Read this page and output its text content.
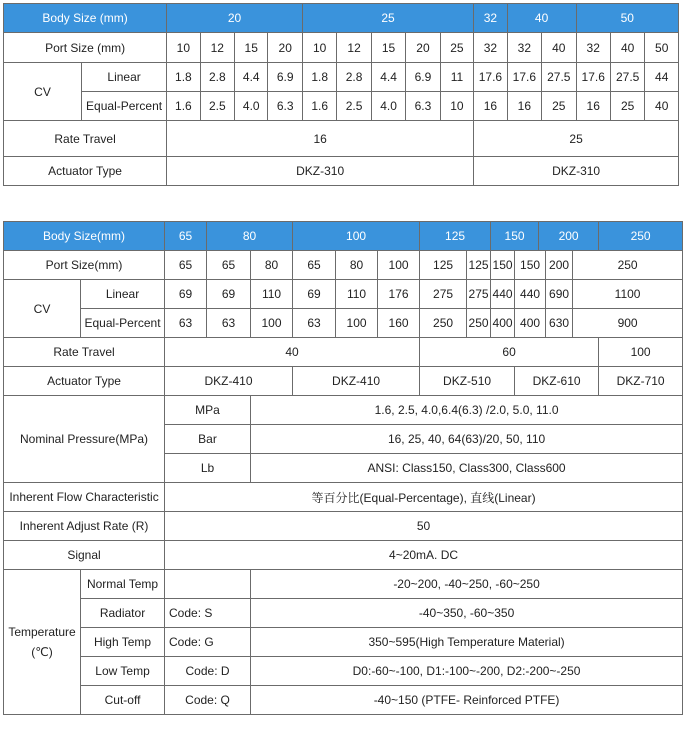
Body Size (mm)		20				25					32	40		50		
Port Size (mm)		10	12	15	20	10	12	15	20	25	32	32	40	32	40	50
CV	Linear	1.8	2.8	4.4	6.9	1.8	2.8	4.4	6.9	11	17.6	17.6	27.5	17.6	27.5	44
	Equal-Percent	1.6	2.5	4.0	6.3	1.6	2.5	4.0	6.3	10	16	16	25	16	25	40
Rate Travel		16									25					
Actuator Type		DKZ-310									DKZ-310					
Body Size(mm)		65	80		100			125		150		200			250
Port Size(mm)		65	65	80	65	80	100	125	125	150	150		200	250	
CV	Linear	69	69	110	69	110	176	275	275	440	440		690	1100	
	Equal-Percent	63	63	100	63	100	160	250	250	400	400		630	900	
Rate Travel		40						60							100
Actuator Type		DKZ-410			DKZ-410			DKZ-510			DKZ-610				DKZ-710
Nominal Pressure(MPa)		MPa		1.6, 2.5, 4.0,6.4(6.3) /2.0, 5.0, 11.0											
		Bar		16, 25, 40, 64(63)/20, 50, 110											
		Lb		ANSI: Class150, Class300, Class600											
Inherent Flow Characteristic		等百分比(Equal-Percentage), 直线(Linear)													
Inherent Adjust Rate (R)		50													
Signal		4~20mA. DC													
Temperature
(℃)	Normal Temp			-20~200, -40~250, -60~250											
	Radiator	Code: S		-40~350, -60~350											
	High Temp	Code: G		350~595(High Temperature Material)											
	Low Temp	Code: D		D0:-60~-100, D1:-100~-200, D2:-200~-250											
	Cut-off	Code: Q		-40~150 (PTFE- Reinforced PTFE)											
